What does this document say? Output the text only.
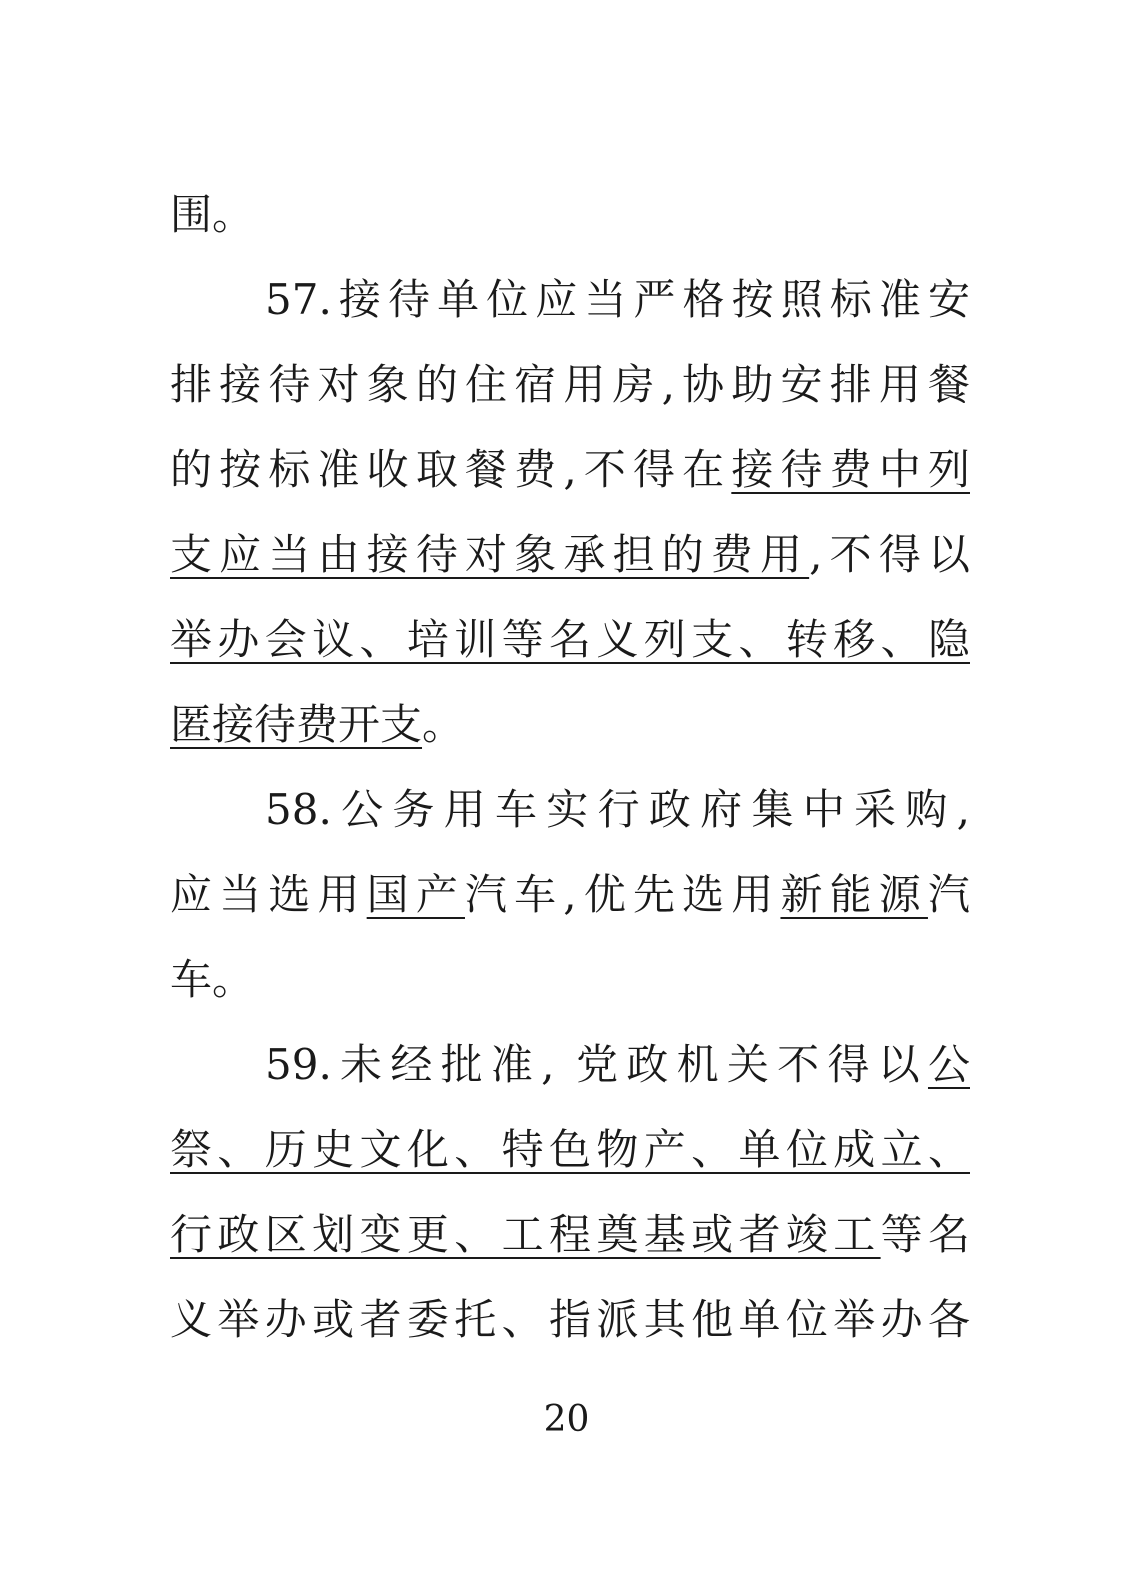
围。
57.接待单位应当严格按照标准安
排接待对象的住宿用房,协助安排用餐
的按标准收取餐费,不得在接待费中列
支应当由接待对象承担的费用,不得以
举办会议、培训等名义列支、转移、隐
匿接待费开支。
58.公务用车实行政府集中采购,
应当选用国产汽车,优先选用新能源汽
车。
59.未经批准, 党政机关不得以公
祭、历史文化、特色物产、单位成立、
行政区划变更、工程奠基或者竣工等名
义举办或者委托、指派其他单位举办各
20
